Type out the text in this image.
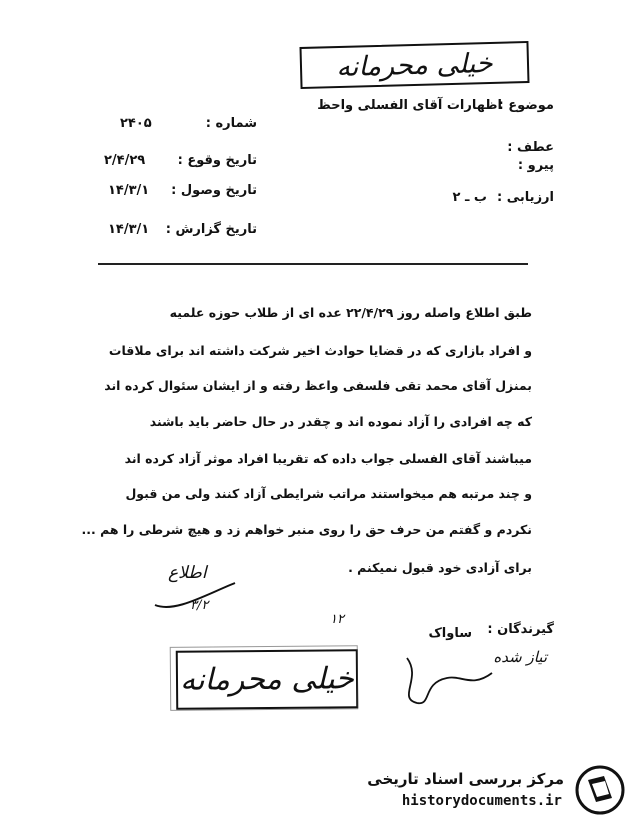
خیلی محرمانه
موضوع :
اظهارات آقای الفسلی واحظ
شماره :
۲۴۰۵
عطف :
پیرو :
تاریخ وقوع :
۲/۴/۲۹
تاریخ وصول :
۱۴/۳/۱
تاریخ گزارش :
۱۴/۳/۱
ارزیابی :
ب ـ ۲
طبق اطلاع واصله روز ۲۲/۴/۲۹ عده ای از طلاب حوزه علمیه
و افراد بازاری که در قضایا حوادث اخیر شرکت داشته اند برای ملاقات
بمنزل آقای محمد تقی فلسفی واعظ رفته و از ایشان سئوال کرده اند
که چه افرادی را آزاد نموده اند و چقدر در حال حاضر باید باشند
میباشند آقای الفسلی جواب داده که تقریبا افراد موثر آزاد کرده اند
و چند مرتبه هم میخواستند مراتب شرایطی آزاد کنند ولی من قبول
نکردم و گفتم من حرف حق را روی منبر خواهم زد و هیچ شرطی را هم ...
برای آزادی خود قبول نمیکنم .
اطلاع
۳/۲
۱۲
گیرندگان :
ساواک
تیاز شده
خیلی محرمانه
مرکز بررسی اسناد تاریخی
historydocuments.ir
